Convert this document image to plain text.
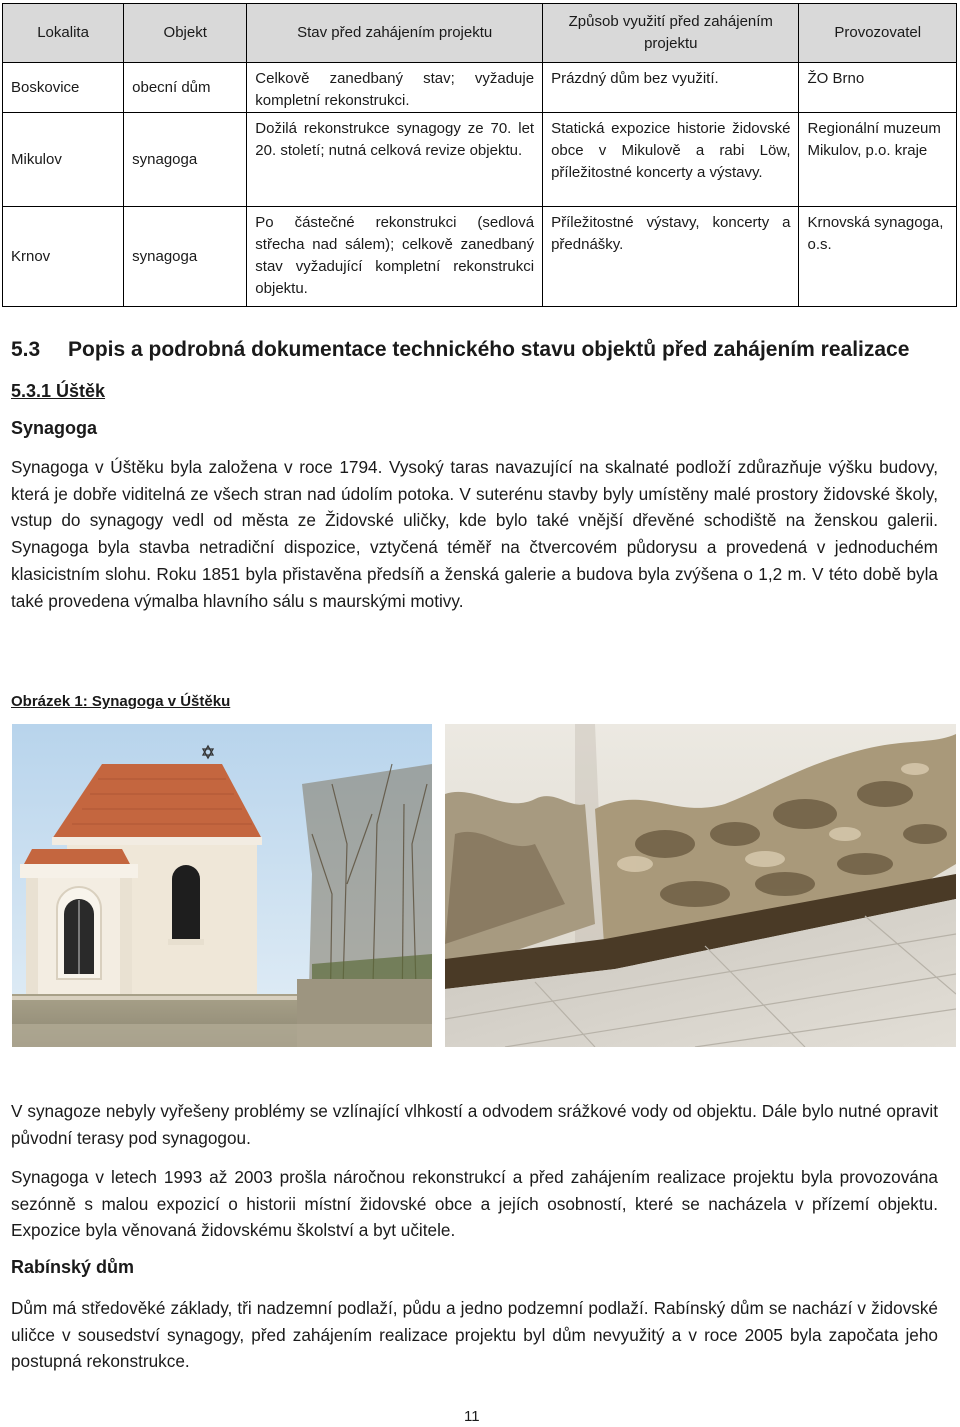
Lokalita	Objekt	Stav před zahájením projektu	Způsob využití před zahájením projektu	Provozovatel
Boskovice	obecní dům	Celkově zanedbaný stav; vyžaduje kompletní rekonstrukci.	Prázdný dům bez využití.	ŽO Brno
Mikulov	synagoga	Dožilá rekonstrukce synagogy ze 70. let 20. století; nutná celková revize objektu.	Statická expozice historie židovské obce v Mikulově a rabi Löw, příležitostné koncerty a výstavy.	Regionální muzeum Mikulov, p.o. kraje
Krnov	synagoga	Po částečné rekonstrukci (sedlová střecha nad sálem); celkově zanedbaný stav vyžadující kompletní rekonstrukci objektu.	Příležitostné výstavy, koncerty a přednášky.	Krnovská synagoga, o.s.
5.3 Popis a podrobná dokumentace technického stavu objektů před zahájením realizace
5.3.1 Úštěk
Synagoga

Synagoga v Úštěku byla založena v roce 1794. Vysoký taras navazující na skalnaté podloží zdůrazňuje výšku budovy, která je dobře viditelná ze všech stran nad údolím potoka. V suterénu stavby byly umístěny malé prostory židovské školy, vstup do synagogy vedl od města ze Židovské uličky, kde bylo také vnější dřevěné schodiště na ženskou galerii. Synagoga byla stavba netradiční dispozice, vztyčená téměř na čtvercovém půdorysu a provedená v jednoduchém klasicistním slohu. Roku 1851 byla přistavěna předsíň a ženská galerie a budova byla zvýšena o 1,2 m. V této době byla také provedena výmalba hlavního sálu s maurskými motivy.

Obrázek 1: Synagoga v Úštěku

V synagoze nebyly vyřešeny problémy se vzlínající vlhkostí a odvodem srážkové vody od objektu. Dále bylo nutné opravit původní terasy pod synagogou.

Synagoga v letech 1993 až 2003 prošla náročnou rekonstrukcí a před zahájením realizace projektu byla provozována sezónně s malou expozicí o historii místní židovské obce a jejích osobností, které se nacházela v přízemí objektu. Expozice byla věnovaná židovskému školství a byt učitele.

Rabínský dům

Dům má středověké základy, tři nadzemní podlaží, půdu a jedno podzemní podlaží. Rabínský dům se nachází v židovské uličce v sousedství synagogy, před zahájením realizace projektu byl dům nevyužitý a v roce 2005 byla započata jeho postupná rekonstrukce.

11
